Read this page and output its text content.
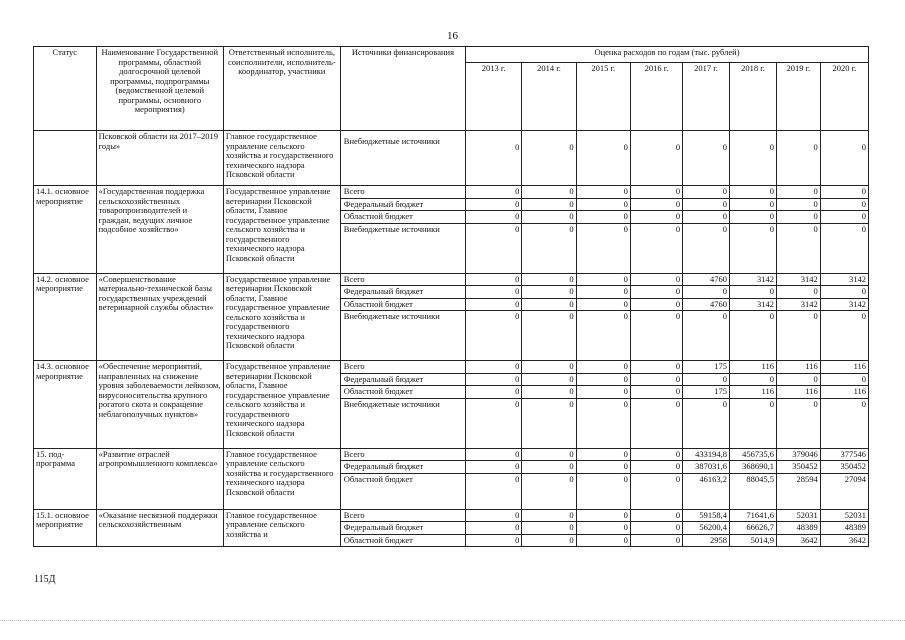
16
Статус	Наименование Государственной программы, областной долгосрочной целевой программы, подпрограммы (ведомственной целевой программы, основного мероприятия)	Ответственный исполнитель, соисполнители, исполнитель-координатор, участники	Источники финансирования	Оценка расходов по годам (тыс. рублей)							
				2013 г.	2014 г.	2015 г.	2016 г.	2017 г.	2018 г.	2019 г.	2020 г.
	Псковской области на 2017–2019 годы»	Главное государственное управление сельского хозяйства и государственного технического надзора Псковской области	Внебюджетные источники	0	0	0	0	0	0	0	0
14.1. основное мероприятие	«Государственная поддержка сельскохозяйственных товаропроизводителей и граждан, ведущих личное подсобное хозяйство»	Государственное управление ветеринарии Псковской области, Главное государственное управление сельского хозяйства и государственного технического надзора Псковской области	Всего	0	0	0	0	0	0	0	0
			Федеральный бюджет	0	0	0	0	0	0	0	0
			Областной бюджет	0	0	0	0	0	0	0	0
			Внебюджетные источники	0	0	0	0	0	0	0	0
14.2. основное мероприятие	«Совершенствование материально-технической базы государственных учреждений ветеринарной службы области»	Государственное управление ветеринарии Псковской области, Главное государственное управление сельского хозяйства и государственного технического надзора Псковской области	Всего	0	0	0	0	4760	3142	3142	3142
			Федеральный бюджет	0	0	0	0	0	0	0	0
			Областной бюджет	0	0	0	0	4760	3142	3142	3142
			Внебюджетные источники	0	0	0	0	0	0	0	0
14.3. основное мероприятие	«Обеспечение мероприятий, направленных на снижение уровня заболеваемости лейкозом, вирусоносительства крупного рогатого скота и сокращение неблагополучных пунктов»	Государственное управление ветеринарии Псковской области, Главное государственное управление сельского хозяйства и государственного технического надзора Псковской области	Всего	0	0	0	0	175	116	116	116
			Федеральный бюджет	0	0	0	0	0	0	0	0
			Областной бюджет	0	0	0	0	175	116	116	116
			Внебюджетные источники	0	0	0	0	0	0	0	0
15. под-программа	«Развитие отраслей агропромышленного комплекса»	Главное государственное управление сельского хозяйства и государственного технического надзора Псковской области	Всего	0	0	0	0	433194,8	456735,6	379046	377546
			Федеральный бюджет	0	0	0	0	387031,6	368690,1	350452	350452
			Областной бюджет	0	0	0	0	46163,2	88045,5	28594	27094
15.1. основное мероприятие	«Оказание несвязной поддержки сельскохозяйственным	Главное государственное управление сельского хозяйства и	Всего	0	0	0	0	59158,4	71641,6	52031	52031
			Федеральный бюджет	0	0	0	0	56200,4	66626,7	48389	48389
			Областной бюджет	0	0	0	0	2958	5014,9	3642	3642
115Д
